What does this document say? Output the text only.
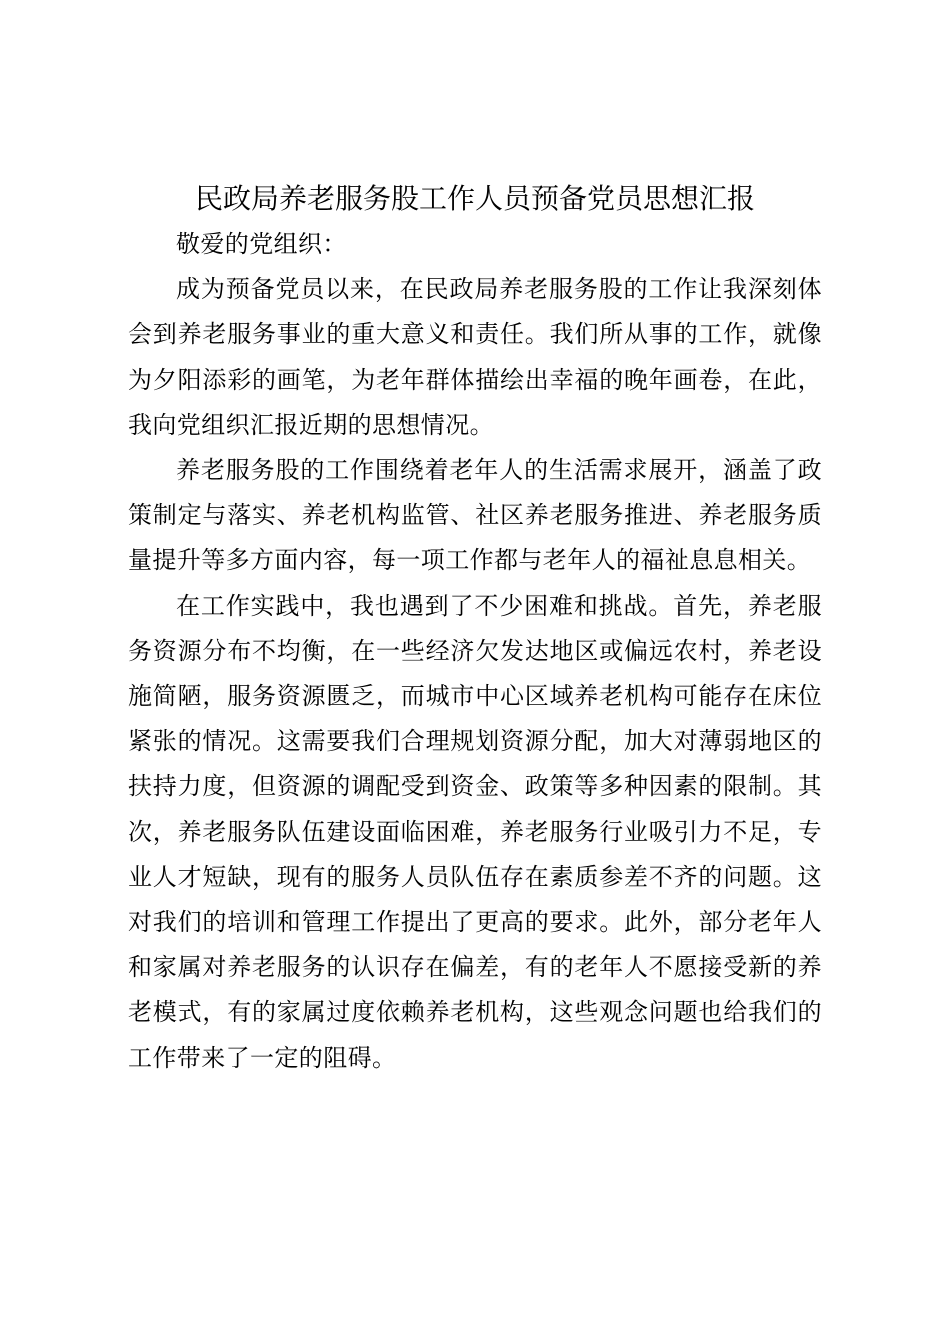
民政局养老服务股工作人员预备党员思想汇报

敬爱的党组织：

成为预备党员以来，在民政局养老服务股的工作让我深刻体会到养老服务事业的重大意义和责任。我们所从事的工作，就像为夕阳添彩的画笔，为老年群体描绘出幸福的晚年画卷，在此，我向党组织汇报近期的思想情况。

养老服务股的工作围绕着老年人的生活需求展开，涵盖了政策制定与落实、养老机构监管、社区养老服务推进、养老服务质量提升等多方面内容，每一项工作都与老年人的福祉息息相关。

在工作实践中，我也遇到了不少困难和挑战。首先，养老服务资源分布不均衡，在一些经济欠发达地区或偏远农村，养老设施简陋，服务资源匮乏，而城市中心区域养老机构可能存在床位紧张的情况。这需要我们合理规划资源分配，加大对薄弱地区的扶持力度，但资源的调配受到资金、政策等多种因素的限制。其次，养老服务队伍建设面临困难，养老服务行业吸引力不足，专业人才短缺，现有的服务人员队伍存在素质参差不齐的问题。这对我们的培训和管理工作提出了更高的要求。此外，部分老年人和家属对养老服务的认识存在偏差，有的老年人不愿接受新的养老模式，有的家属过度依赖养老机构，这些观念问题也给我们的工作带来了一定的阻碍。
